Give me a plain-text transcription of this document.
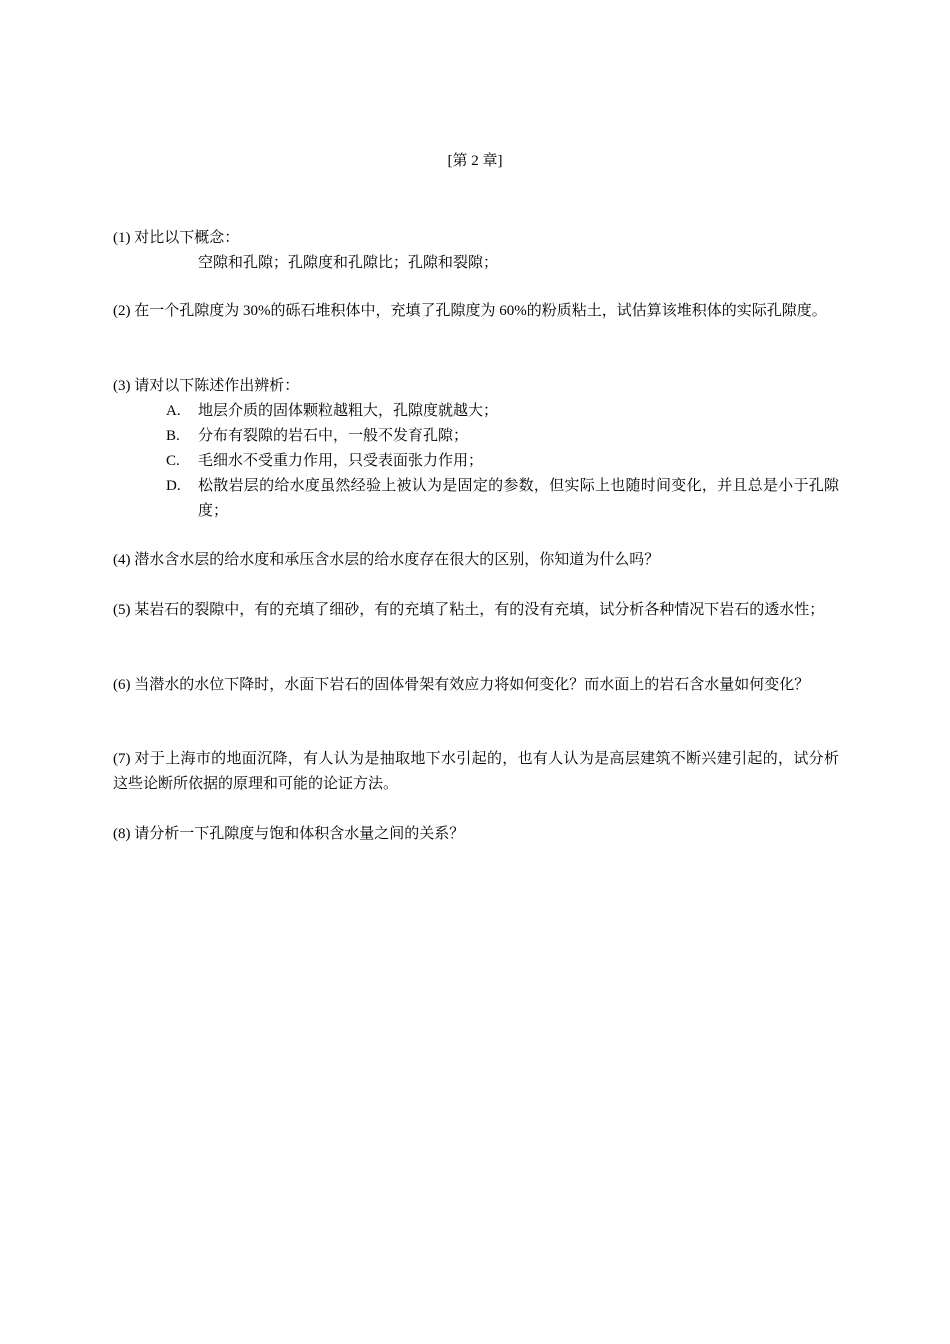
[第 2 章]
(1) 对比以下概念：
空隙和孔隙；孔隙度和孔隙比；孔隙和裂隙；
(2) 在一个孔隙度为 30%的砾石堆积体中，充填了孔隙度为 60%的粉质粘土，试估算该堆积体的实际孔隙度。
(3) 请对以下陈述作出辨析：
A.	地层介质的固体颗粒越粗大，孔隙度就越大；
B.	分布有裂隙的岩石中，一般不发育孔隙；
C.	毛细水不受重力作用，只受表面张力作用；
D.	松散岩层的给水度虽然经验上被认为是固定的参数，但实际上也随时间变化，并且总是小于孔隙度；
(4) 潜水含水层的给水度和承压含水层的给水度存在很大的区别，你知道为什么吗？
(5) 某岩石的裂隙中，有的充填了细砂，有的充填了粘土，有的没有充填，试分析各种情况下岩石的透水性；
(6) 当潜水的水位下降时，水面下岩石的固体骨架有效应力将如何变化？而水面上的岩石含水量如何变化？
(7) 对于上海市的地面沉降，有人认为是抽取地下水引起的，也有人认为是高层建筑不断兴建引起的，试分析这些论断所依据的原理和可能的论证方法。
(8) 请分析一下孔隙度与饱和体积含水量之间的关系？
